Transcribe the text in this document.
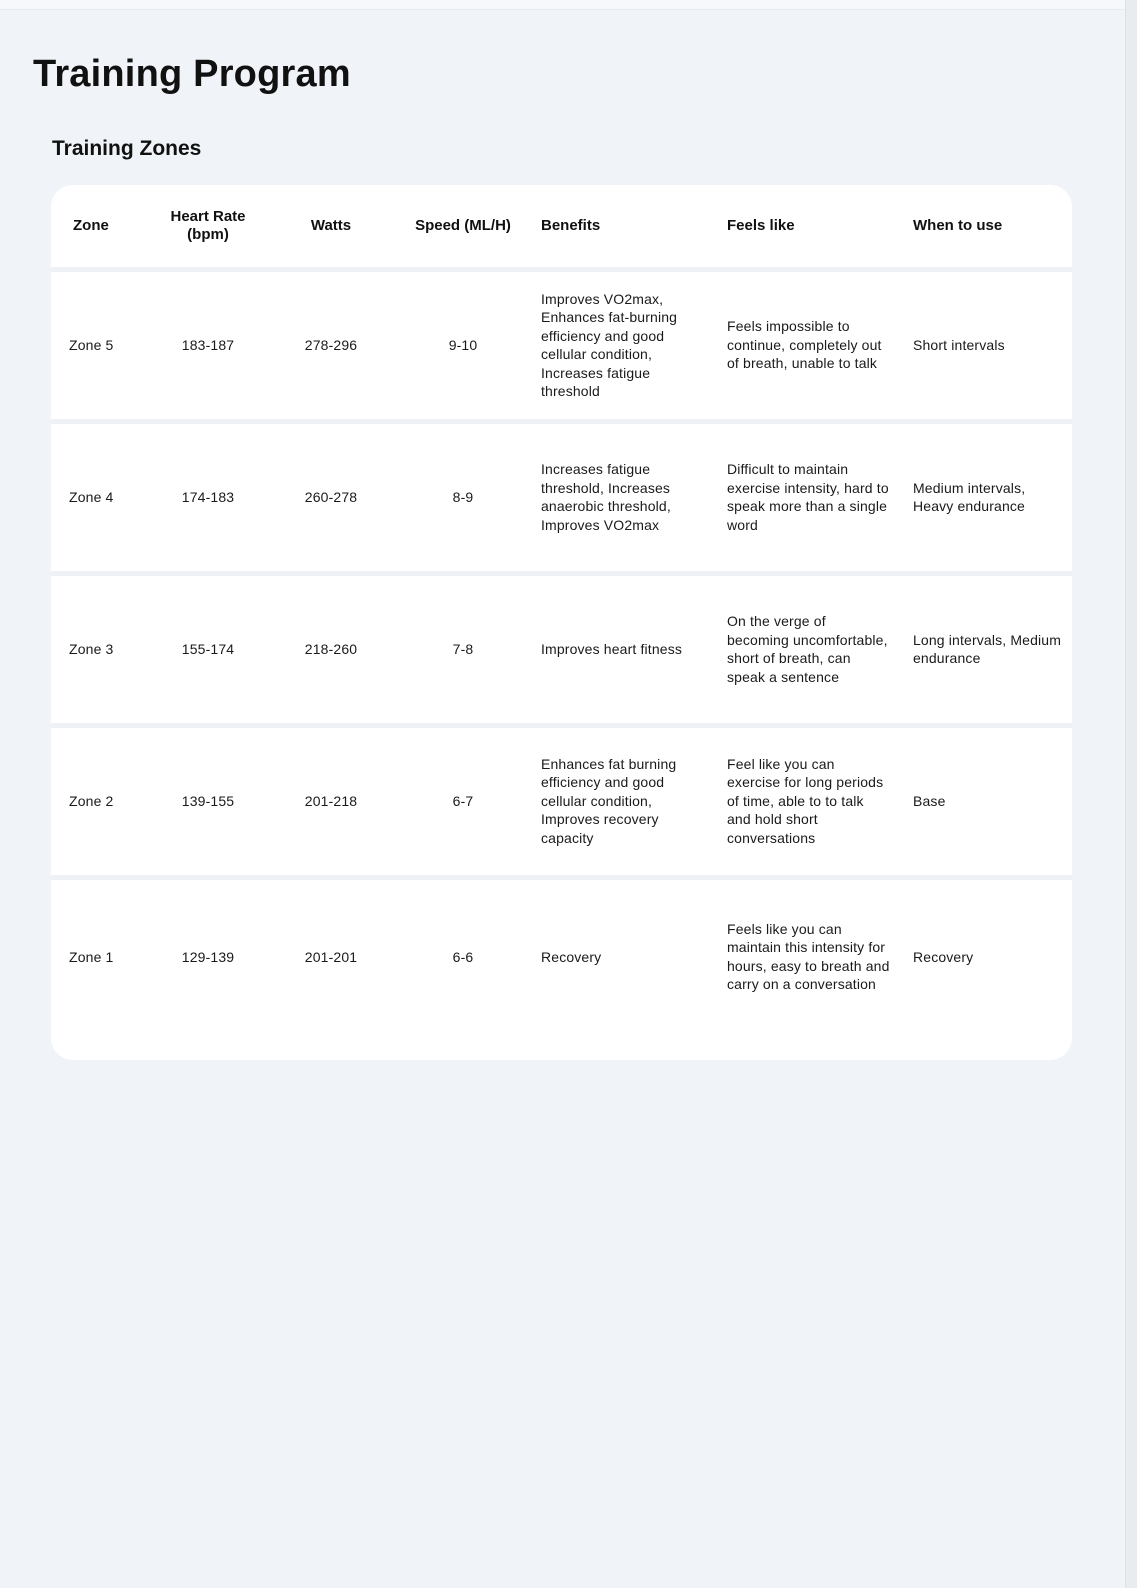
Training Program
Training Zones
Zone	Heart Rate (bpm)	Watts	Speed (ML/H)	Benefits	Feels like	When to use
Zone 5	183-187	278-296	9-10	Improves VO2max, Enhances fat-burning efficiency and good cellular condition, Increases fatigue threshold	Feels impossible to continue, completely out of breath, unable to talk	Short intervals
Zone 4	174-183	260-278	8-9	Increases fatigue threshold, Increases anaerobic threshold, Improves VO2max	Difficult to maintain exercise intensity, hard to speak more than a single word	Medium intervals, Heavy endurance
Zone 3	155-174	218-260	7-8	Improves heart fitness	On the verge of becoming uncomfortable, short of breath, can speak a sentence	Long intervals, Medium endurance
Zone 2	139-155	201-218	6-7	Enhances fat burning efficiency and good cellular condition, Improves recovery capacity	Feel like you can exercise for long periods of time, able to to talk and hold short conversations	Base
Zone 1	129-139	201-201	6-6	Recovery	Feels like you can maintain this intensity for hours, easy to breath and carry on a conversation	Recovery
